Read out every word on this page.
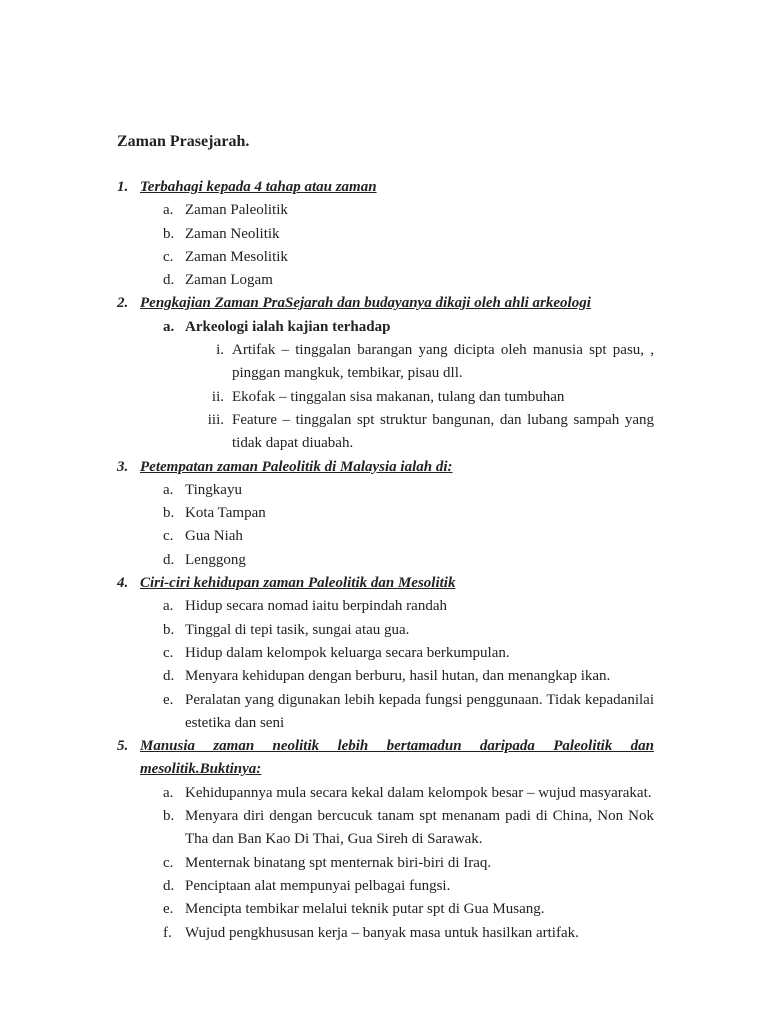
Zaman Prasejarah.
1. Terbahagi kepada 4 tahap atau zaman
a. Zaman Paleolitik
b. Zaman Neolitik
c. Zaman Mesolitik
d. Zaman Logam
2. Pengkajian Zaman PraSejarah dan budayanya dikaji oleh ahli arkeologi
a. Arkeologi ialah kajian terhadap
i. Artifak – tinggalan barangan yang dicipta oleh manusia spt pasu, , pinggan mangkuk, tembikar, pisau dll.
ii. Ekofak – tinggalan sisa makanan, tulang dan tumbuhan
iii. Feature – tinggalan spt struktur bangunan, dan lubang sampah yang tidak dapat diuabah.
3. Petempatan zaman Paleolitik di Malaysia ialah di:
a. Tingkayu
b. Kota Tampan
c. Gua Niah
d. Lenggong
4. Ciri-ciri kehidupan zaman Paleolitik dan Mesolitik
a. Hidup secara nomad iaitu berpindah randah
b. Tinggal di tepi tasik, sungai atau gua.
c. Hidup dalam kelompok keluarga secara berkumpulan.
d. Menyara kehidupan dengan berburu, hasil hutan, dan menangkap ikan.
e. Peralatan yang digunakan lebih kepada fungsi penggunaan. Tidak kepadanilai estetika dan seni
5. Manusia zaman neolitik lebih bertamadun daripada Paleolitik dan mesolitik.Buktinya:
a. Kehidupannya mula secara kekal dalam kelompok besar – wujud masyarakat.
b. Menyara diri dengan bercucuk tanam spt menanam padi di China, Non Nok Tha dan Ban Kao Di Thai, Gua Sireh di Sarawak.
c. Menternak binatang spt menternak biri-biri di Iraq.
d. Penciptaan alat mempunyai pelbagai fungsi.
e. Mencipta tembikar melalui teknik putar spt di Gua Musang.
f. Wujud pengkhususan kerja – banyak masa untuk hasilkan artifak.
